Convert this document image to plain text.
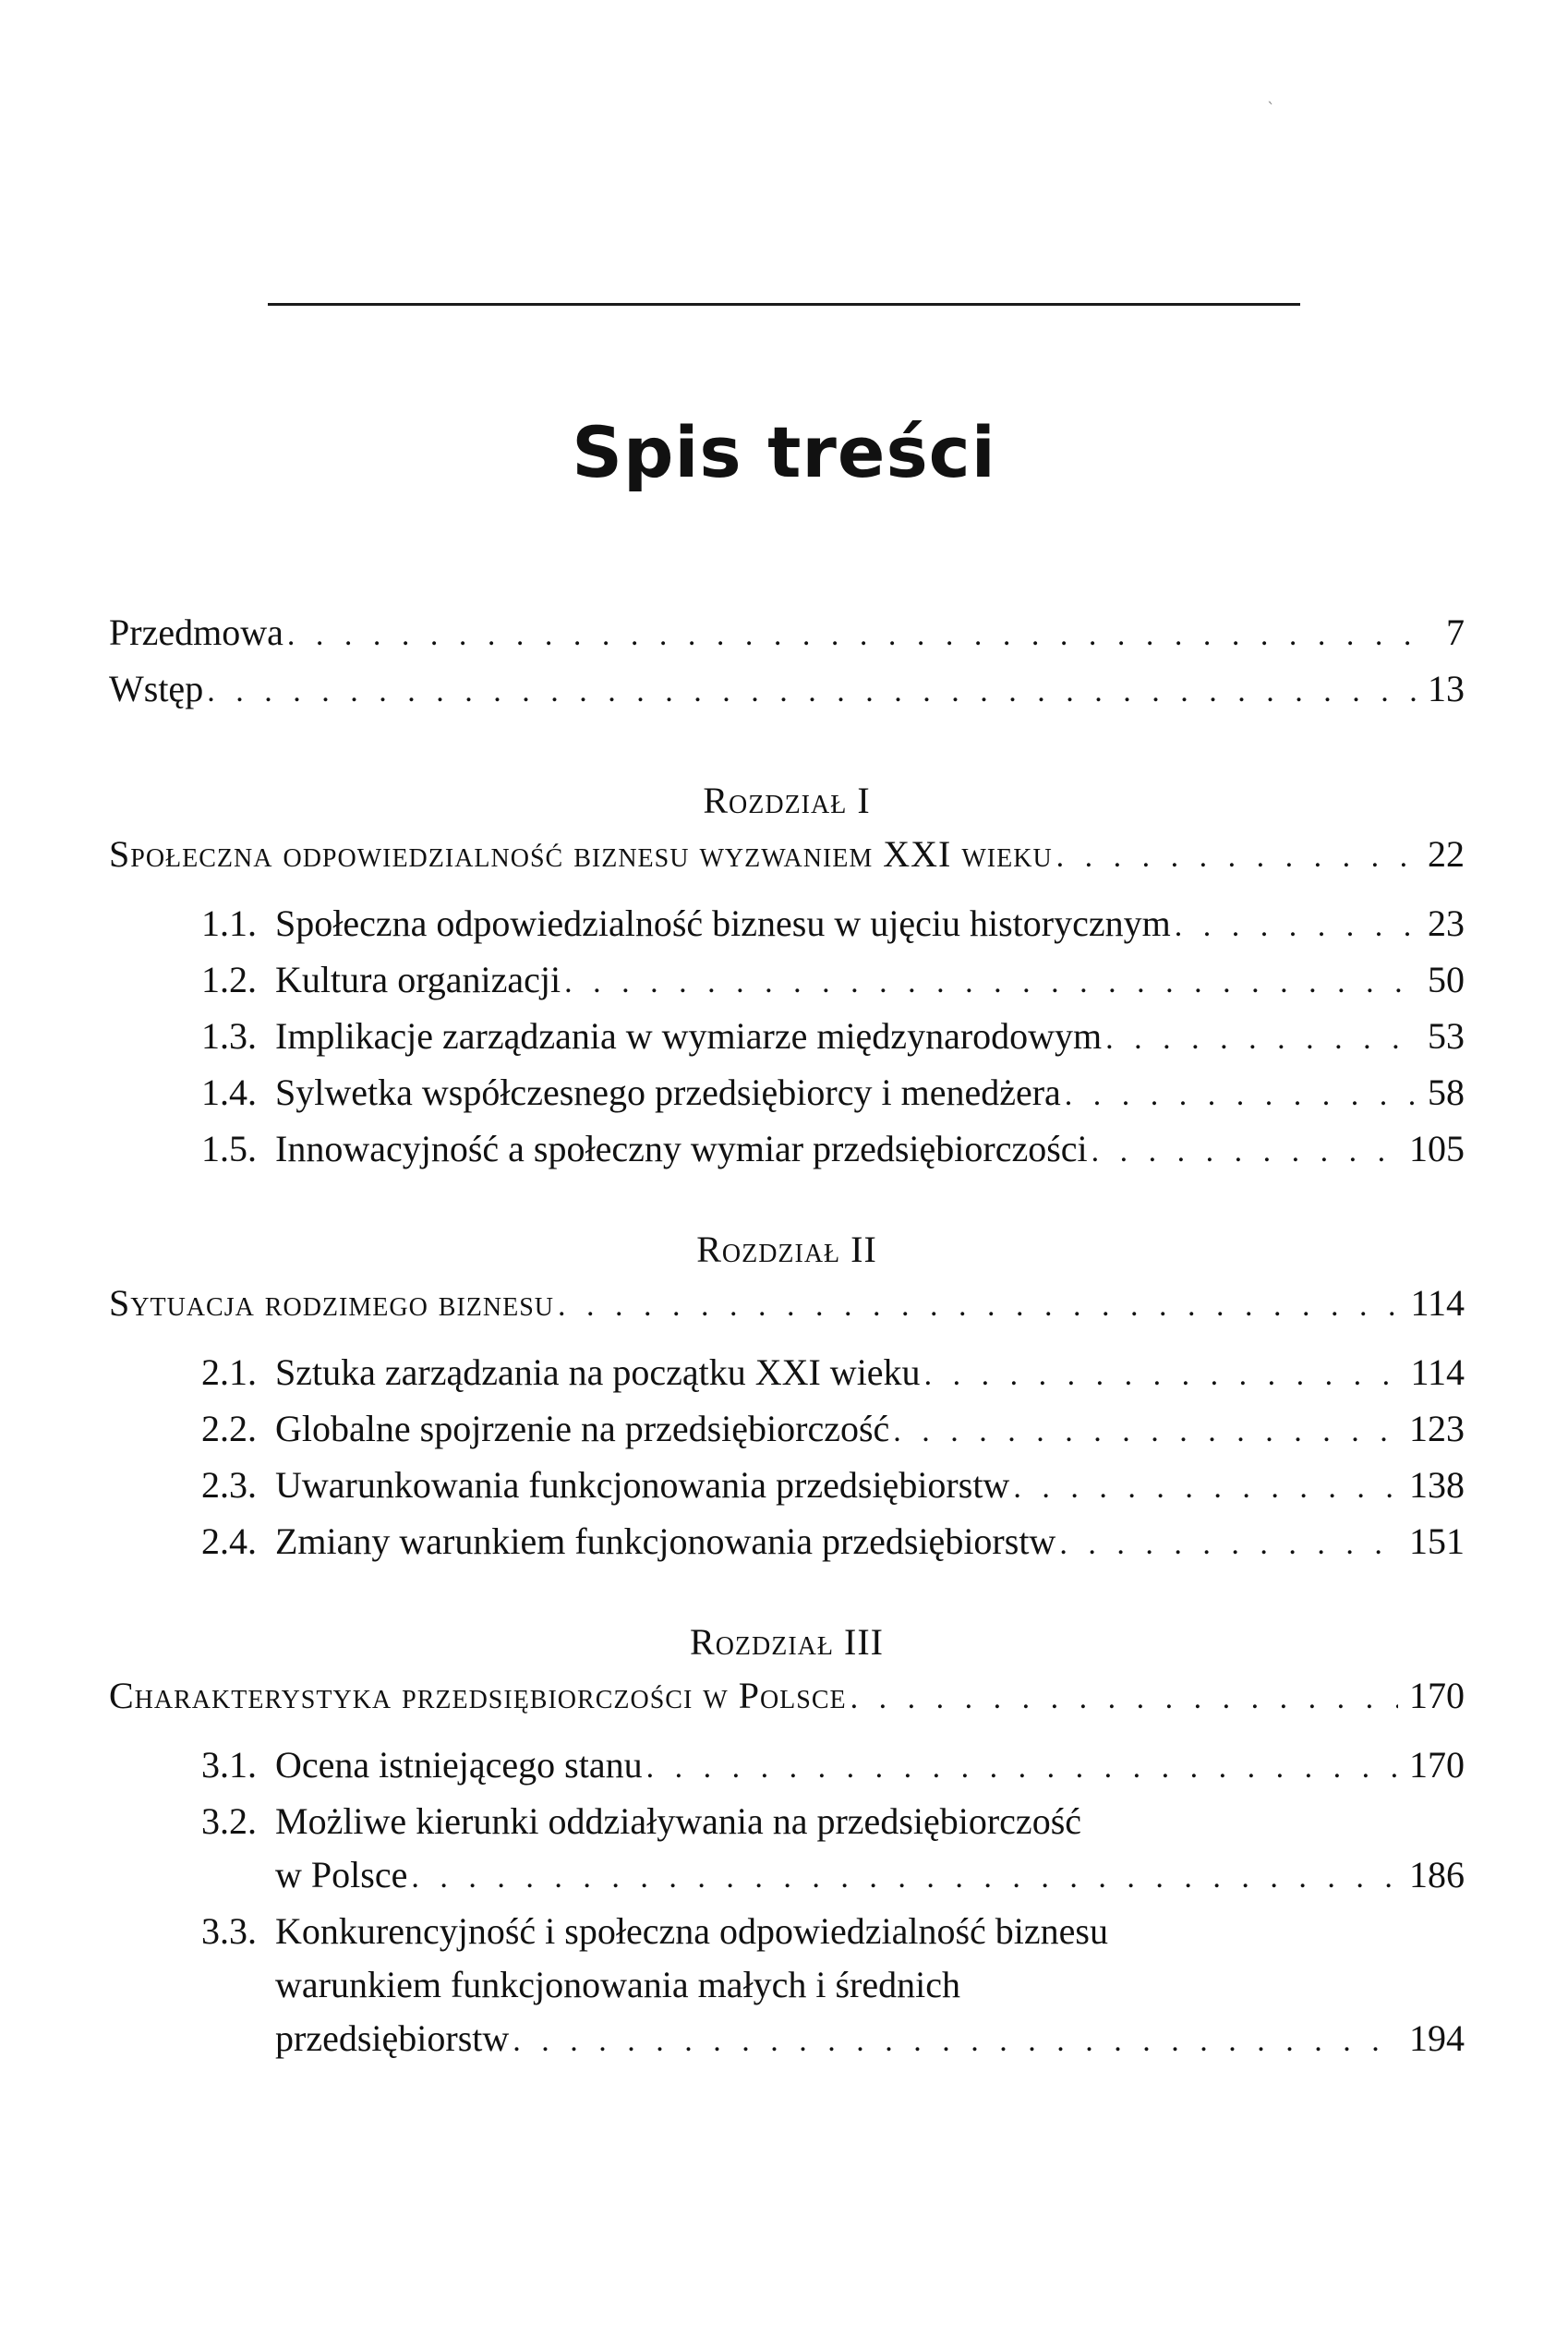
՝
Spis treści
Przedmowa . . .	7
Wstęp . . .	13
Rozdział I
Społeczna odpowiedzialność biznesu wyzwaniem XXI wieku . . .	22
1.1. Społeczna odpowiedzialność biznesu w ujęciu historycznym . . .	23
1.2. Kultura organizacji . . .	50
1.3. Implikacje zarządzania w wymiarze międzynarodowym . . .	53
1.4. Sylwetka współczesnego przedsiębiorcy i menedżera . . .	58
1.5. Innowacyjność a społeczny wymiar przedsiębiorczości . . .	105
Rozdział II
Sytuacja rodzimego biznesu . . .	114
2.1. Sztuka zarządzania na początku XXI wieku . . .	114
2.2. Globalne spojrzenie na przedsiębiorczość . . .	123
2.3. Uwarunkowania funkcjonowania przedsiębiorstw . . .	138
2.4. Zmiany warunkiem funkcjonowania przedsiębiorstw . . .	151
Rozdział III
Charakterystyka przedsiębiorczości w Polsce . . .	170
3.1. Ocena istniejącego stanu . . .	170
3.2. Możliwe kierunki oddziaływania na przedsiębiorczość
w Polsce . . .	186
3.3. Konkurencyjność i społeczna odpowiedzialność biznesu
warunkiem funkcjonowania małych i średnich
przedsiębiorstw . . .	194
